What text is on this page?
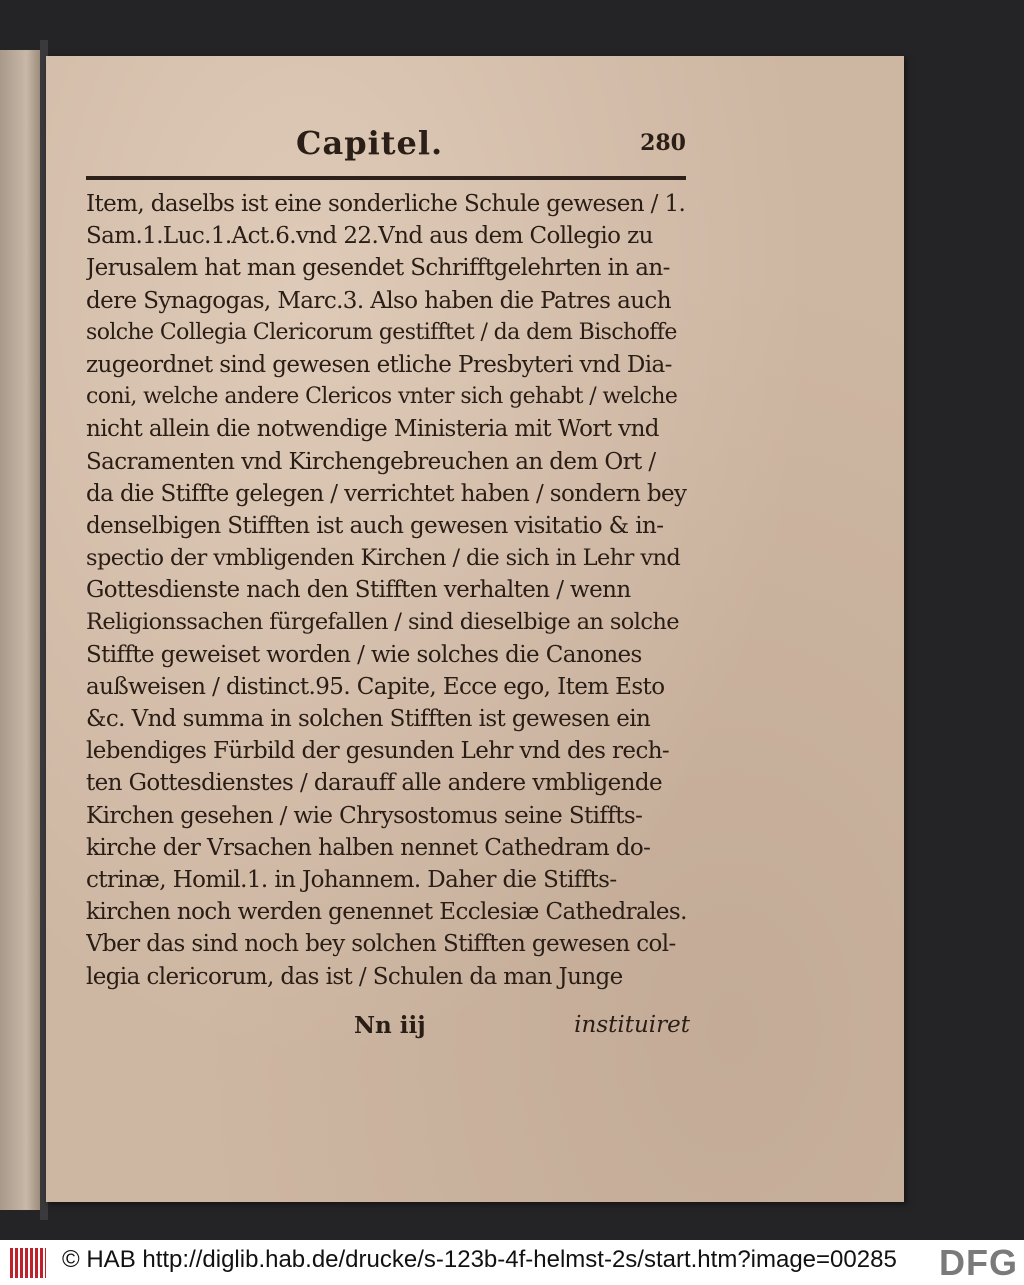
Capitel.	280
Item, daselbs ist eine sonderliche Schule gewesen / 1.
Sam.1.Luc.1.Act.6.vnd 22.Vnd aus dem Collegio zu
Jerusalem hat man gesendet Schrifftgelehrten in an-
dere Synagogas, Marc.3. Also haben die Patres auch
solche Collegia Clericorum gestifftet / da dem Bischoffe
zugeordnet sind gewesen etliche Presbyteri vnd Dia-
coni, welche andere Clericos vnter sich gehabt / welche
nicht allein die notwendige Ministeria mit Wort vnd
Sacramenten vnd Kirchengebreuchen an dem Ort /
da die Stiffte gelegen / verrichtet haben / sondern bey
denselbigen Stifften ist auch gewesen visitatio & in-
spectio der vmbligenden Kirchen / die sich in Lehr vnd
Gottesdienste nach den Stifften verhalten / wenn
Religionssachen fürgefallen / sind dieselbige an solche
Stiffte geweiset worden / wie solches die Canones
außweisen / distinct.95. Capite, Ecce ego, Item Esto
&c. Vnd summa in solchen Stifften ist gewesen ein
lebendiges Fürbild der gesunden Lehr vnd des rech-
ten Gottesdienstes / darauff alle andere vmbligende
Kirchen gesehen / wie Chrysostomus seine Stiffts-
kirche der Vrsachen halben nennet Cathedram do-
ctrinæ, Homil.1. in Johannem. Daher die Stiffts-
kirchen noch werden genennet Ecclesiæ Cathedrales.
Vber das sind noch bey solchen Stifften gewesen col-
legia clericorum, das ist / Schulen da man Junge
Nn iij	instituiret
© HAB http://diglib.hab.de/drucke/s-123b-4f-helmst-2s/start.htm?image=00285 DFG
